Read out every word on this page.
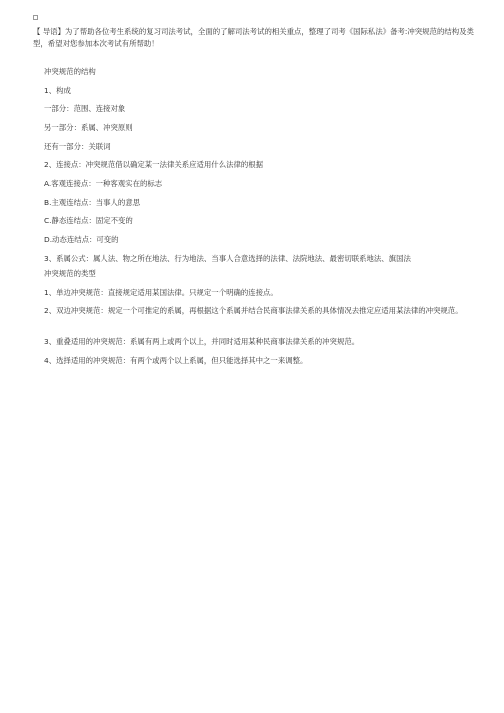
【 导语】为了帮助各位考生系统的复习司法考试，全面的了解司法考试的相关重点，整理了司考《国际私法》备考:冲突规范的结构及类型，希望对您参加本次考试有所帮助！

冲突规范的结构

1、构成

一部分：范围、连接对象

另一部分：系属、冲突原则

还有一部分：关联词

2、连接点：冲突规范借以确定某一法律关系应适用什么法律的根据

A.客观连接点：一种客观实在的标志

B.主观连结点：当事人的意思

C.静态连结点：固定不变的

D.动态连结点：可变的

3、系属公式：属人法、物之所在地法、行为地法、当事人合意选择的法律、法院地法、最密切联系地法、旗国法

冲突规范的类型

1、单边冲突规范：直接规定适用某国法律。只规定一个明确的连接点。

2、双边冲突规范：规定一个可推定的系属，再根据这个系属并结合民商事法律关系的具体情况去推定应适用某法律的冲突规范。

3、重叠适用的冲突规范：系属有两上或两个以上，并同时适用某种民商事法律关系的冲突规范。

4、选择适用的冲突规范：有两个或两个以上系属，但只能选择其中之一来调整。
